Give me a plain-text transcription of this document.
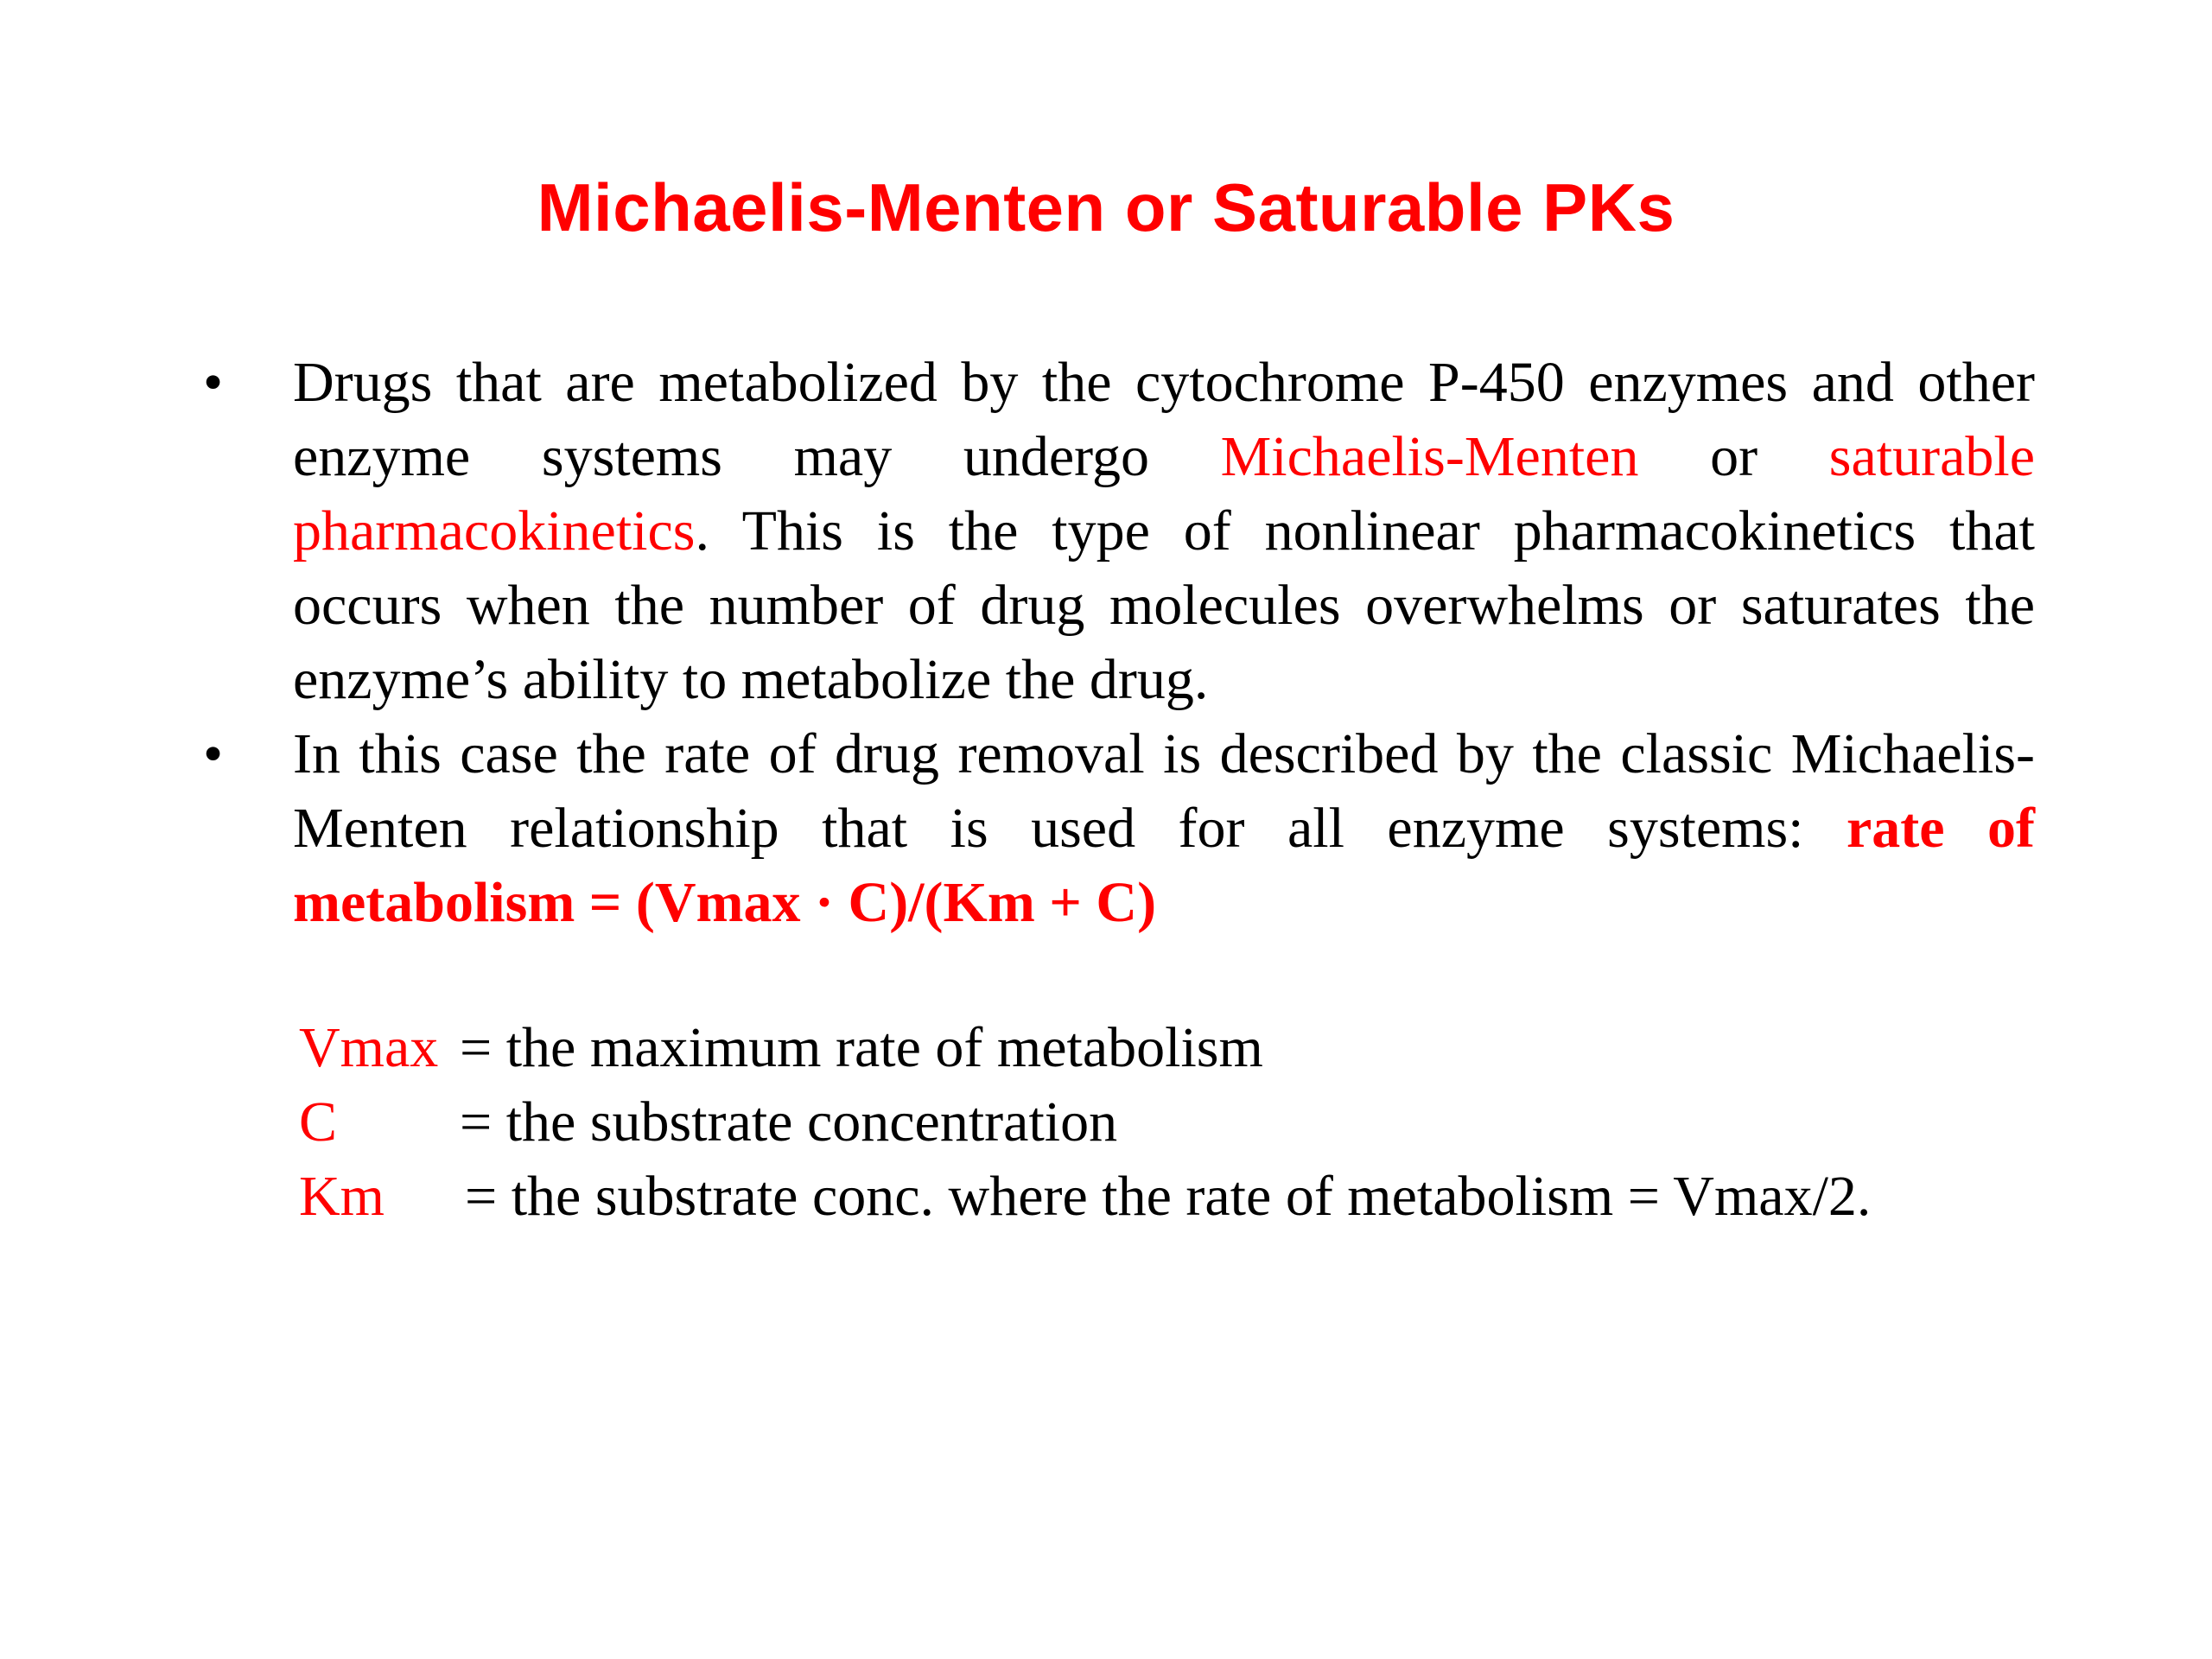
Michaelis-Menten or Saturable PKs
• Drugs that are metabolized by the cytochrome P-450 enzymes and other enzyme systems may undergo Michaelis-Menten or saturable pharmacokinetics. This is the type of nonlinear pharmacokinetics that occurs when the number of drug molecules overwhelms or saturates the enzyme’s ability to metabolize the drug.
• In this case the rate of drug removal is described by the classic Michaelis- Menten relationship that is used for all enzyme systems: rate of metabolism = (Vmax · C)/(Km + C)
Vmax = the maximum rate of metabolism
C	= the substrate concentration
Km	= the substrate conc. where the rate of metabolism = Vmax/2.
